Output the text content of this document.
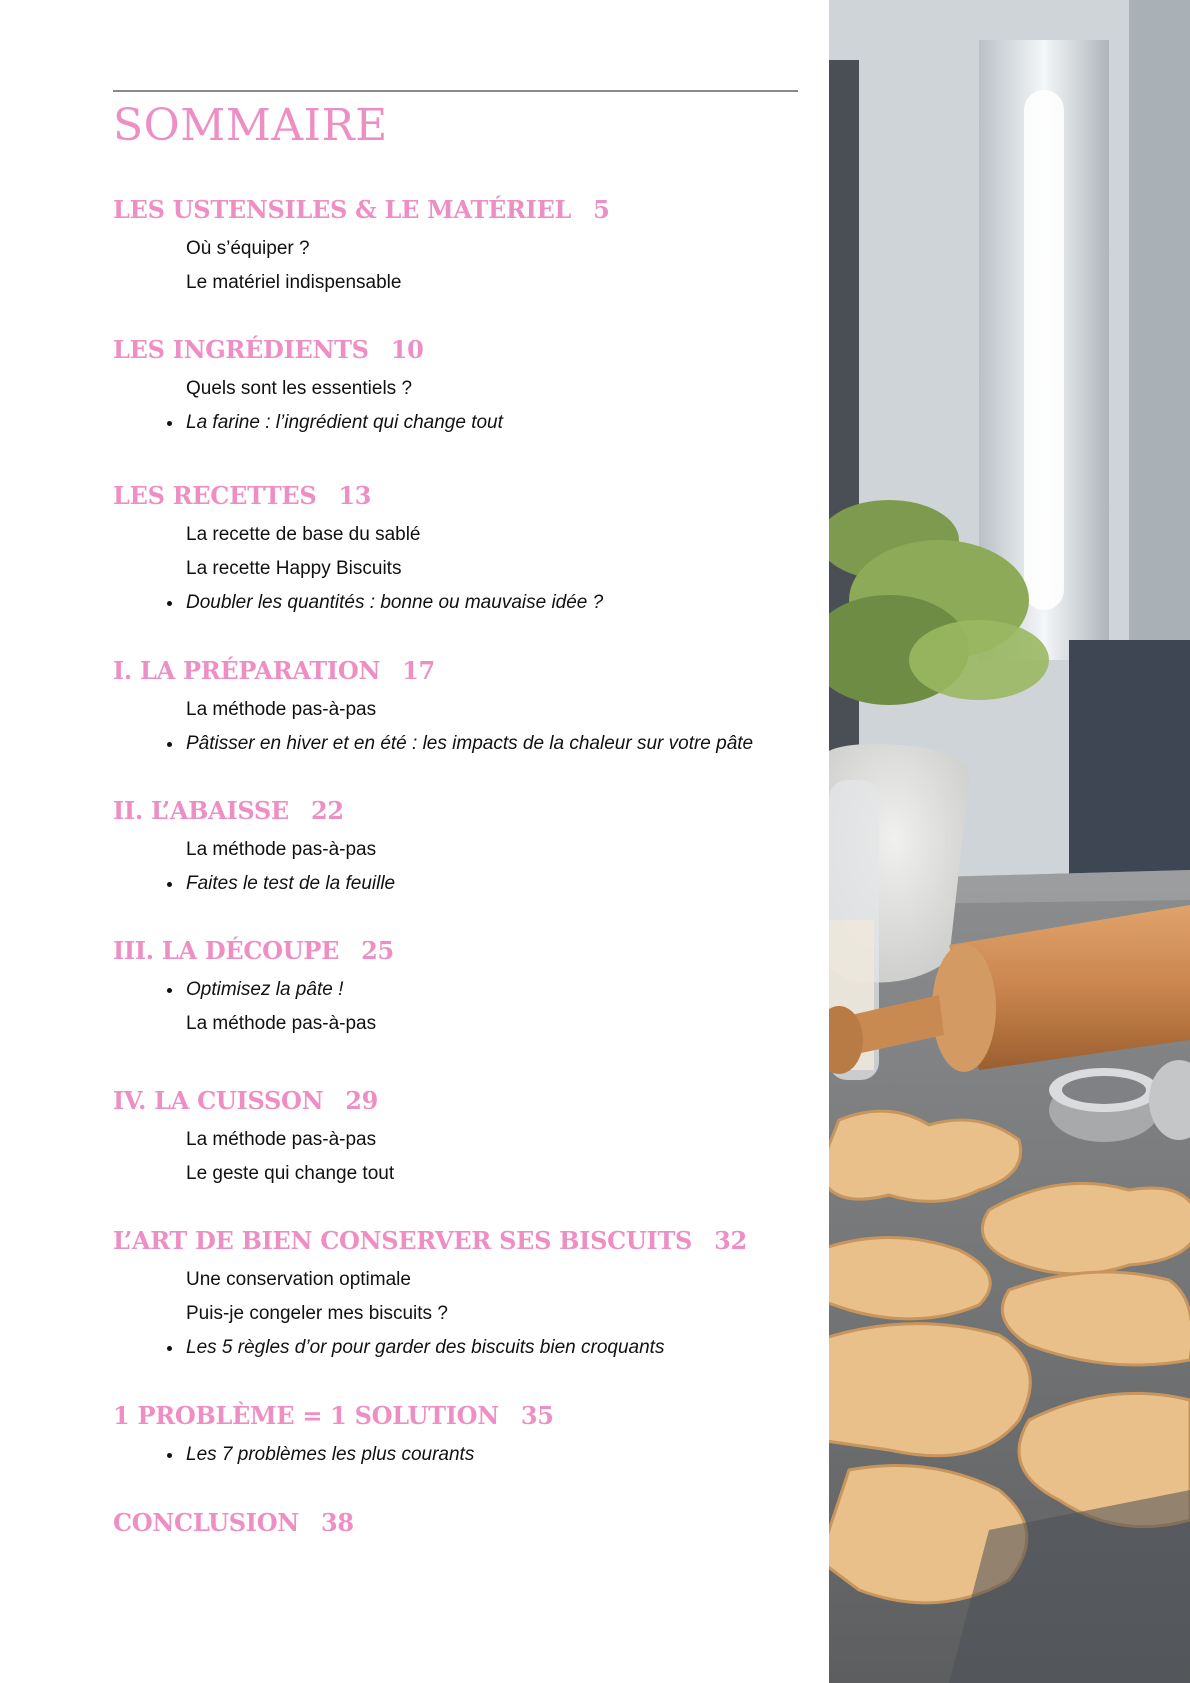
SOMMAIRE
LES USTENSILES & LE MATÉRIEL 5
Où s’équiper ?
Le matériel indispensable
LES INGRÉDIENTS 10
Quels sont les essentiels ?
La farine : l’ingrédient qui change tout
LES RECETTES 13
La recette de base du sablé
La recette Happy Biscuits
Doubler les quantités : bonne ou mauvaise idée ?
I. LA PRÉPARATION 17
La méthode pas-à-pas
Pâtisser en hiver et en été : les impacts de la chaleur sur votre pâte
II. L’ABAISSE 22
La méthode pas-à-pas
Faites le test de la feuille
III. LA DÉCOUPE 25
Optimisez la pâte !
La méthode pas-à-pas
IV. LA CUISSON 29
La méthode pas-à-pas
Le geste qui change tout
L’ART DE BIEN CONSERVER SES BISCUITS 32
Une conservation optimale
Puis-je congeler mes biscuits ?
Les 5 règles d’or pour garder des biscuits bien croquants
1 PROBLÈME = 1 SOLUTION 35
Les 7 problèmes les plus courants
CONCLUSION 38
